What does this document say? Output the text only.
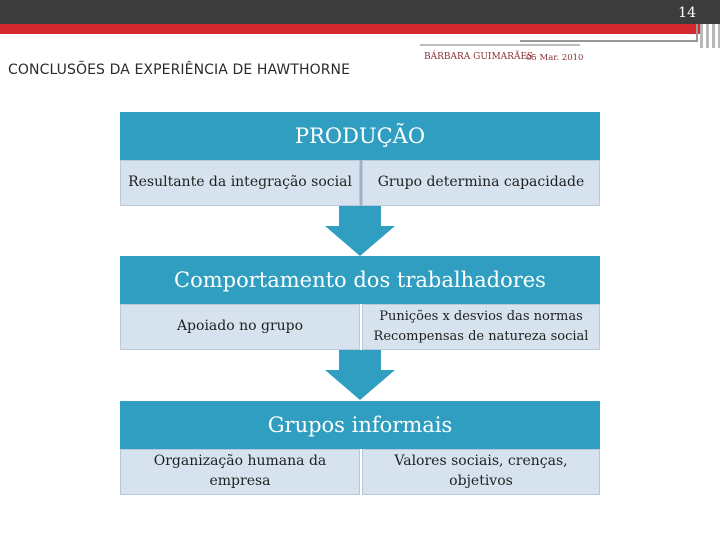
14
BÁRBARA GUIMARÃES
05 Mar. 2010
CONCLUSÕES DA EXPERIÊNCIA DE HAWTHORNE
PRODUÇÃO
Resultante da integração social Grupo determina capacidade
Comportamento dos trabalhadores
Apoiado no grupo
Punições x desvios das normas
Recompensas de natureza social
Grupos informais
Organização humana da empresa
Valores sociais, crenças, objetivos
